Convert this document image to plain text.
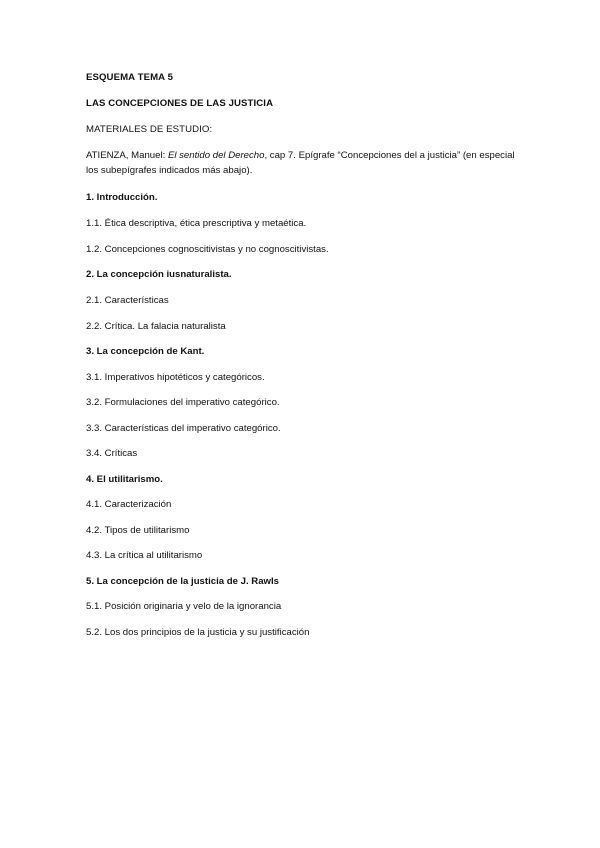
ESQUEMA TEMA 5
LAS CONCEPCIONES DE LAS JUSTICIA
MATERIALES DE ESTUDIO:
ATIENZA, Manuel: El sentido del Derecho, cap 7. Epígrafe “Concepciones del a justicia” (en especial los subepígrafes indicados más abajo).
1. Introducción.
1.1. Ética descriptiva, ética prescriptiva y metaética.
1.2. Concepciones cognoscitivistas y no cognoscitivistas.
2. La concepción iusnaturalista.
2.1. Características
2.2. Crítica. La falacia naturalista
3. La concepción de Kant.
3.1. Imperativos hipotéticos y categóricos.
3.2. Formulaciones del imperativo categórico.
3.3. Características del imperativo categórico.
3.4. Críticas
4. El utilitarismo.
4.1. Caracterización
4.2. Tipos de utilitarismo
4.3. La crítica al utilitarismo
5. La concepción de la justicia de J. Rawls
5.1. Posición originaria y velo de la ignorancia
5.2. Los dos principios de la justicia y su justificación
